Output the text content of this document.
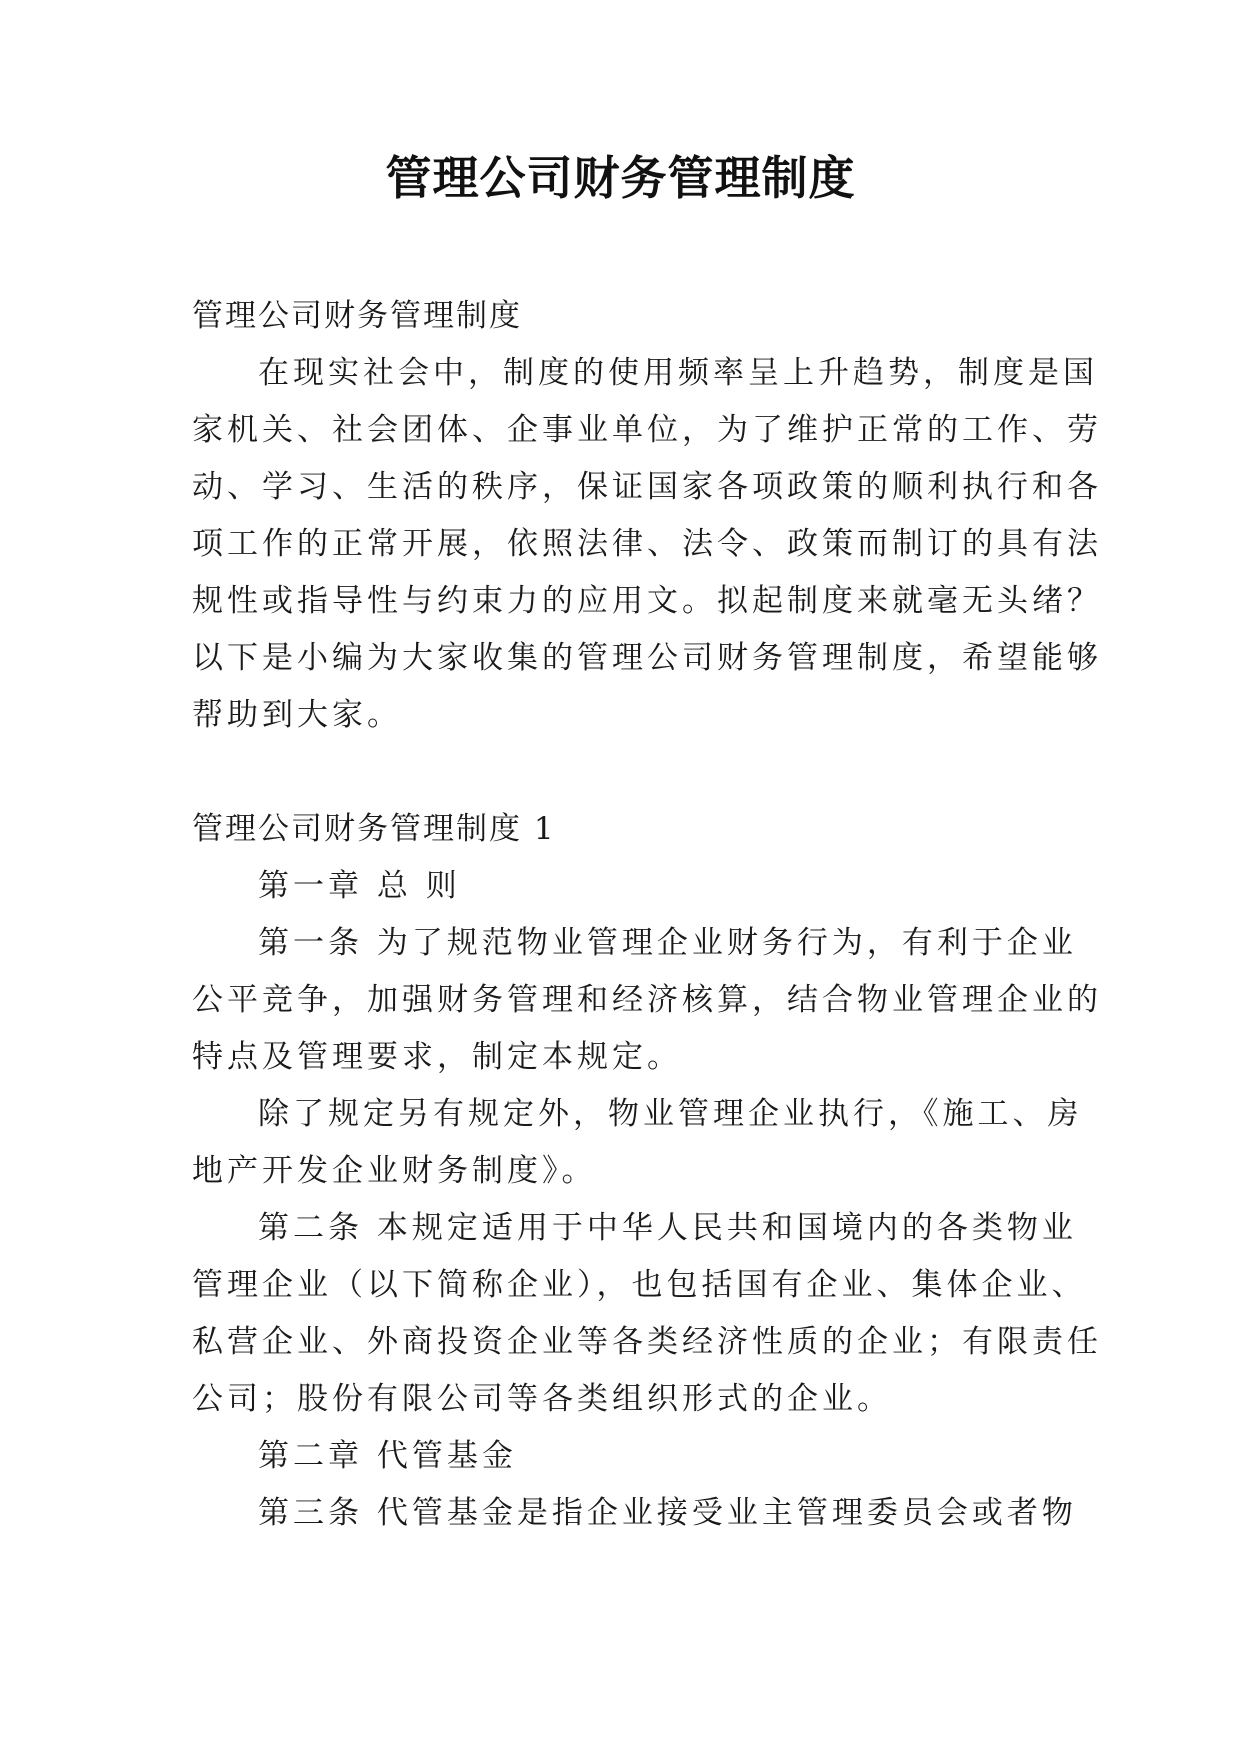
管理公司财务管理制度

管理公司财务管理制度

在现实社会中，制度的使用频率呈上升趋势，制度是国

家机关、社会团体、企事业单位，为了维护正常的工作、劳

动、学习、生活的秩序，保证国家各项政策的顺利执行和各

项工作的正常开展，依照法律、法令、政策而制订的具有法

规性或指导性与约束力的应用文。拟起制度来就毫无头绪？

以下是小编为大家收集的管理公司财务管理制度，希望能够

帮助到大家。

管理公司财务管理制度 1

第一章 总 则

第一条 为了规范物业管理企业财务行为，有利于企业

公平竞争，加强财务管理和经济核算，结合物业管理企业的

特点及管理要求，制定本规定。

除了规定另有规定外，物业管理企业执行，《施工、房

地产开发企业财务制度》。

第二条 本规定适用于中华人民共和国境内的各类物业

管理企业（以下简称企业），也包括国有企业、集体企业、

私营企业、外商投资企业等各类经济性质的企业；有限责任

公司；股份有限公司等各类组织形式的企业。

第二章 代管基金

第三条 代管基金是指企业接受业主管理委员会或者物
